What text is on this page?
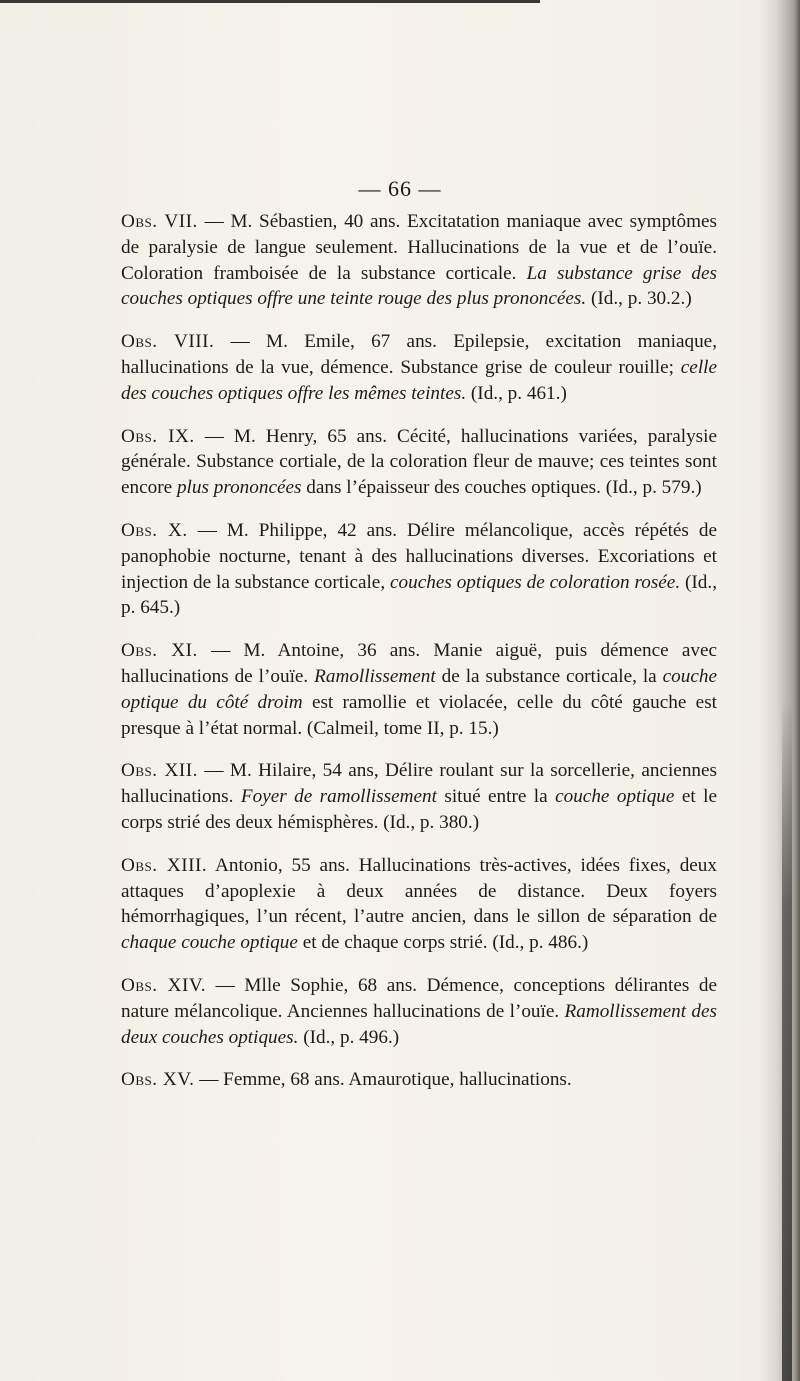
— 66 —

Obs. VII. — M. Sébastien, 40 ans. Excitatation maniaque avec symptômes de paralysie de langue seulement. Hallucinations de la vue et de l’ouïe. Coloration framboisée de la substance corticale. La substance grise des couches optiques offre une teinte rouge des plus prononcées. (Id., p. 30.2.)

Obs. VIII. — M. Emile, 67 ans. Epilepsie, excitation maniaque, hallucinations de la vue, démence. Substance grise de couleur rouille; celle des couches optiques offre les mêmes teintes. (Id., p. 461.)

Obs. IX. — M. Henry, 65 ans. Cécité, hallucinations variées, paralysie générale. Substance cortiale, de la coloration fleur de mauve; ces teintes sont encore plus prononcées dans l’épaisseur des couches optiques. (Id., p. 579.)

Obs. X. — M. Philippe, 42 ans. Délire mélancolique, accès répétés de panophobie nocturne, tenant à des hallucinations diverses. Excoriations et injection de la substance corticale, couches optiques de coloration rosée. (Id., p. 645.)

Obs. XI. — M. Antoine, 36 ans. Manie aiguë, puis démence avec hallucinations de l’ouïe. Ramollissement de la substance corticale, la couche optique du côté droiт est ramollie et violacée, celle du côté gauche est presque à l’état normal. (Calmeil, tome II, p. 15.)

Obs. XII. — M. Hilaire, 54 ans, Délire roulant sur la sorcellerie, anciennes hallucinations. Foyer de ramollissement situé entre la couche optique et le corps strié des deux hémisphères. (Id., p. 380.)

Obs. XIII. Antonio, 55 ans. Hallucinations très-actives, idées fixes, deux attaques d’apoplexie à deux années de distance. Deux foyers hémorrhagiques, l’un récent, l’autre ancien, dans le sillon de séparation de chaque couche optique et de chaque corps strié. (Id., p. 486.)

Obs. XIV. — Mlle Sophie, 68 ans. Démence, conceptions délirantes de nature mélancolique. Anciennes hallucinations de l’ouïe. Ramollissement des deux couches optiques. (Id., p. 496.)

Obs. XV. — Femme, 68 ans. Amaurotique, hallucinations.
